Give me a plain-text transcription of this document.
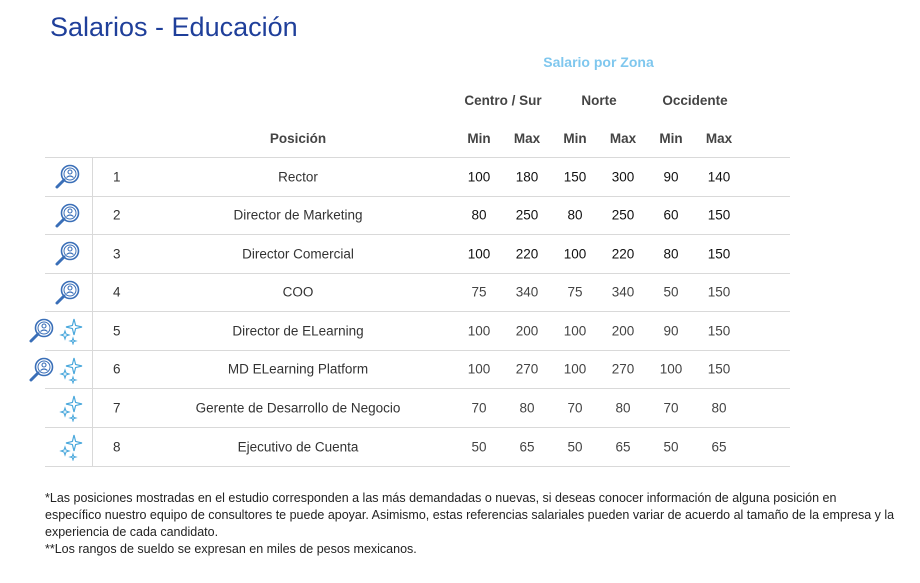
Salarios - Educación
Salario por Zona
Centro / Sur	Norte	Occidente
Posición	Min	Max	Min	Max	Min	Max
1	Rector	100	180	150	300	90	140
2	Director de Marketing	80	250	80	250	60	150
3	Director Comercial	100	220	100	220	80	150
4	COO	75	340	75	340	50	150
5	Director de ELearning	100	200	100	200	90	150
6	MD ELearning Platform	100	270	100	270	100	150
7	Gerente de Desarrollo de Negocio	70	80	70	80	70	80
8	Ejecutivo de Cuenta	50	65	50	65	50	65

*Las posiciones mostradas en el estudio corresponden a las más demandadas o nuevas, si deseas conocer información de alguna posición en específico nuestro equipo de consultores te puede apoyar. Asimismo, estas referencias salariales pueden variar de acuerdo al tamaño de la empresa y la experiencia de cada candidato.

**Los rangos de sueldo se expresan en miles de pesos mexicanos.
